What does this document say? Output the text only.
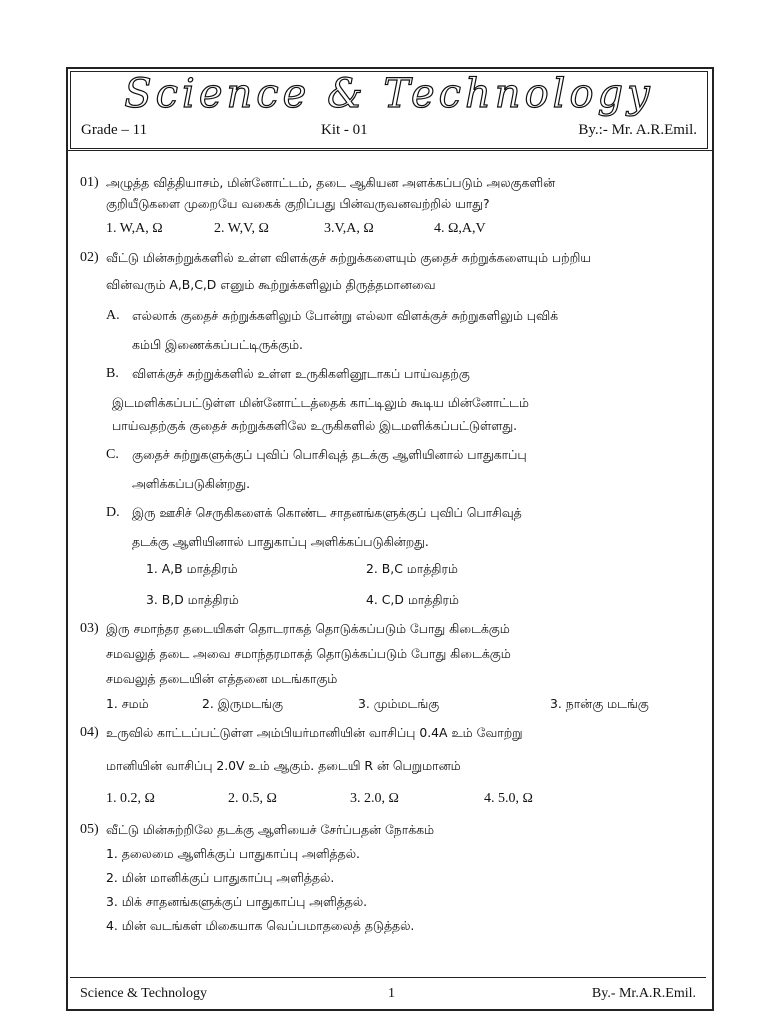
Science & Technology
Grade – 11	Kit - 01	By.:- Mr. A.R.Emil.
01) அழுத்த வித்தியாசம், மின்னோட்டம், தடை ஆகியன அளக்கப்படும் அலகுகளின்
குறியீடுகளை முறையே வகைக் குறிப்பது பின்வருவனவற்றில் யாது?
1. W,A, Ω	2. W,V, Ω	3.V,A, Ω	4. Ω,A,V
02) வீட்டு மின்சுற்றுக்களில் உள்ள விளக்குச் சுற்றுக்களையும் குதைச் சுற்றுக்களையும் பற்றிய
வின்வரும் A,B,C,D எனும் கூற்றுக்களிலும் திருத்தமானவை
A. எல்லாக் குதைச் சுற்றுக்களிலும் போன்று எல்லா விளக்குச் சுற்றுகளிலும் புவிக்
கம்பி இணைக்கப்பட்டிருக்கும்.
B.	விளக்குச் சுற்றுக்களில் உள்ள உருகிகளினூடாகப் பாய்வதற்கு
இடமளிக்கப்பட்டுள்ள மின்னோட்டத்தைக் காட்டிலும் கூடிய மின்னோட்டம்
பாய்வதற்குக் குதைச் சுற்றுக்களிலே உருகிகளில் இடமளிக்கப்பட்டுள்ளது.
C.	குதைச் சுற்றுகளுக்குப் புவிப் பொசிவுத் தடக்கு ஆளியினால் பாதுகாப்பு
அளிக்கப்படுகின்றது.
D. இரு ஊசிச் செருகிகளைக் கொண்ட சாதனங்களுக்குப் புவிப் பொசிவுத்
தடக்கு ஆளியினால் பாதுகாப்பு அளிக்கப்படுகின்றது.
1. A,B மாத்திரம்	2. B,C மாத்திரம்
3. B,D மாத்திரம்	4. C,D மாத்திரம்
03) இரு சமாந்தர தடையிகள் தொடராகத் தொடுக்கப்படும் போது கிடைக்கும்
சமவலுத் தடை அவை சமாந்தரமாகத் தொடுக்கப்படும் போது கிடைக்கும்
சமவலுத் தடையின் எத்தனை மடங்காகும்
1. சமம்	2. இருமடங்கு	3. மும்மடங்கு	3. நான்கு மடங்கு
04) உருவில் காட்டப்பட்டுள்ள அம்பியர்மானியின் வாசிப்பு 0.4A உம் வோற்று
மானியின் வாசிப்பு 2.0V உம் ஆகும். தடையி R ன் பெறுமானம்
1. 0.2, Ω	2. 0.5, Ω	3. 2.0, Ω	4. 5.0, Ω
05) வீட்டு மின்சுற்றிலே தடக்கு ஆளியைச் சேர்ப்பதன் நோக்கம்
1. தலைமை ஆளிக்குப் பாதுகாப்பு அளித்தல்.
2. மின் மானிக்குப் பாதுகாப்பு அளித்தல்.
3. மிக் சாதனங்களுக்குப் பாதுகாப்பு அளித்தல்.
4. மின் வடங்கள் மிகையாக வெப்பமாதலைத் தடுத்தல்.
Science & Technology	1	By.- Mr.A.R.Emil.
